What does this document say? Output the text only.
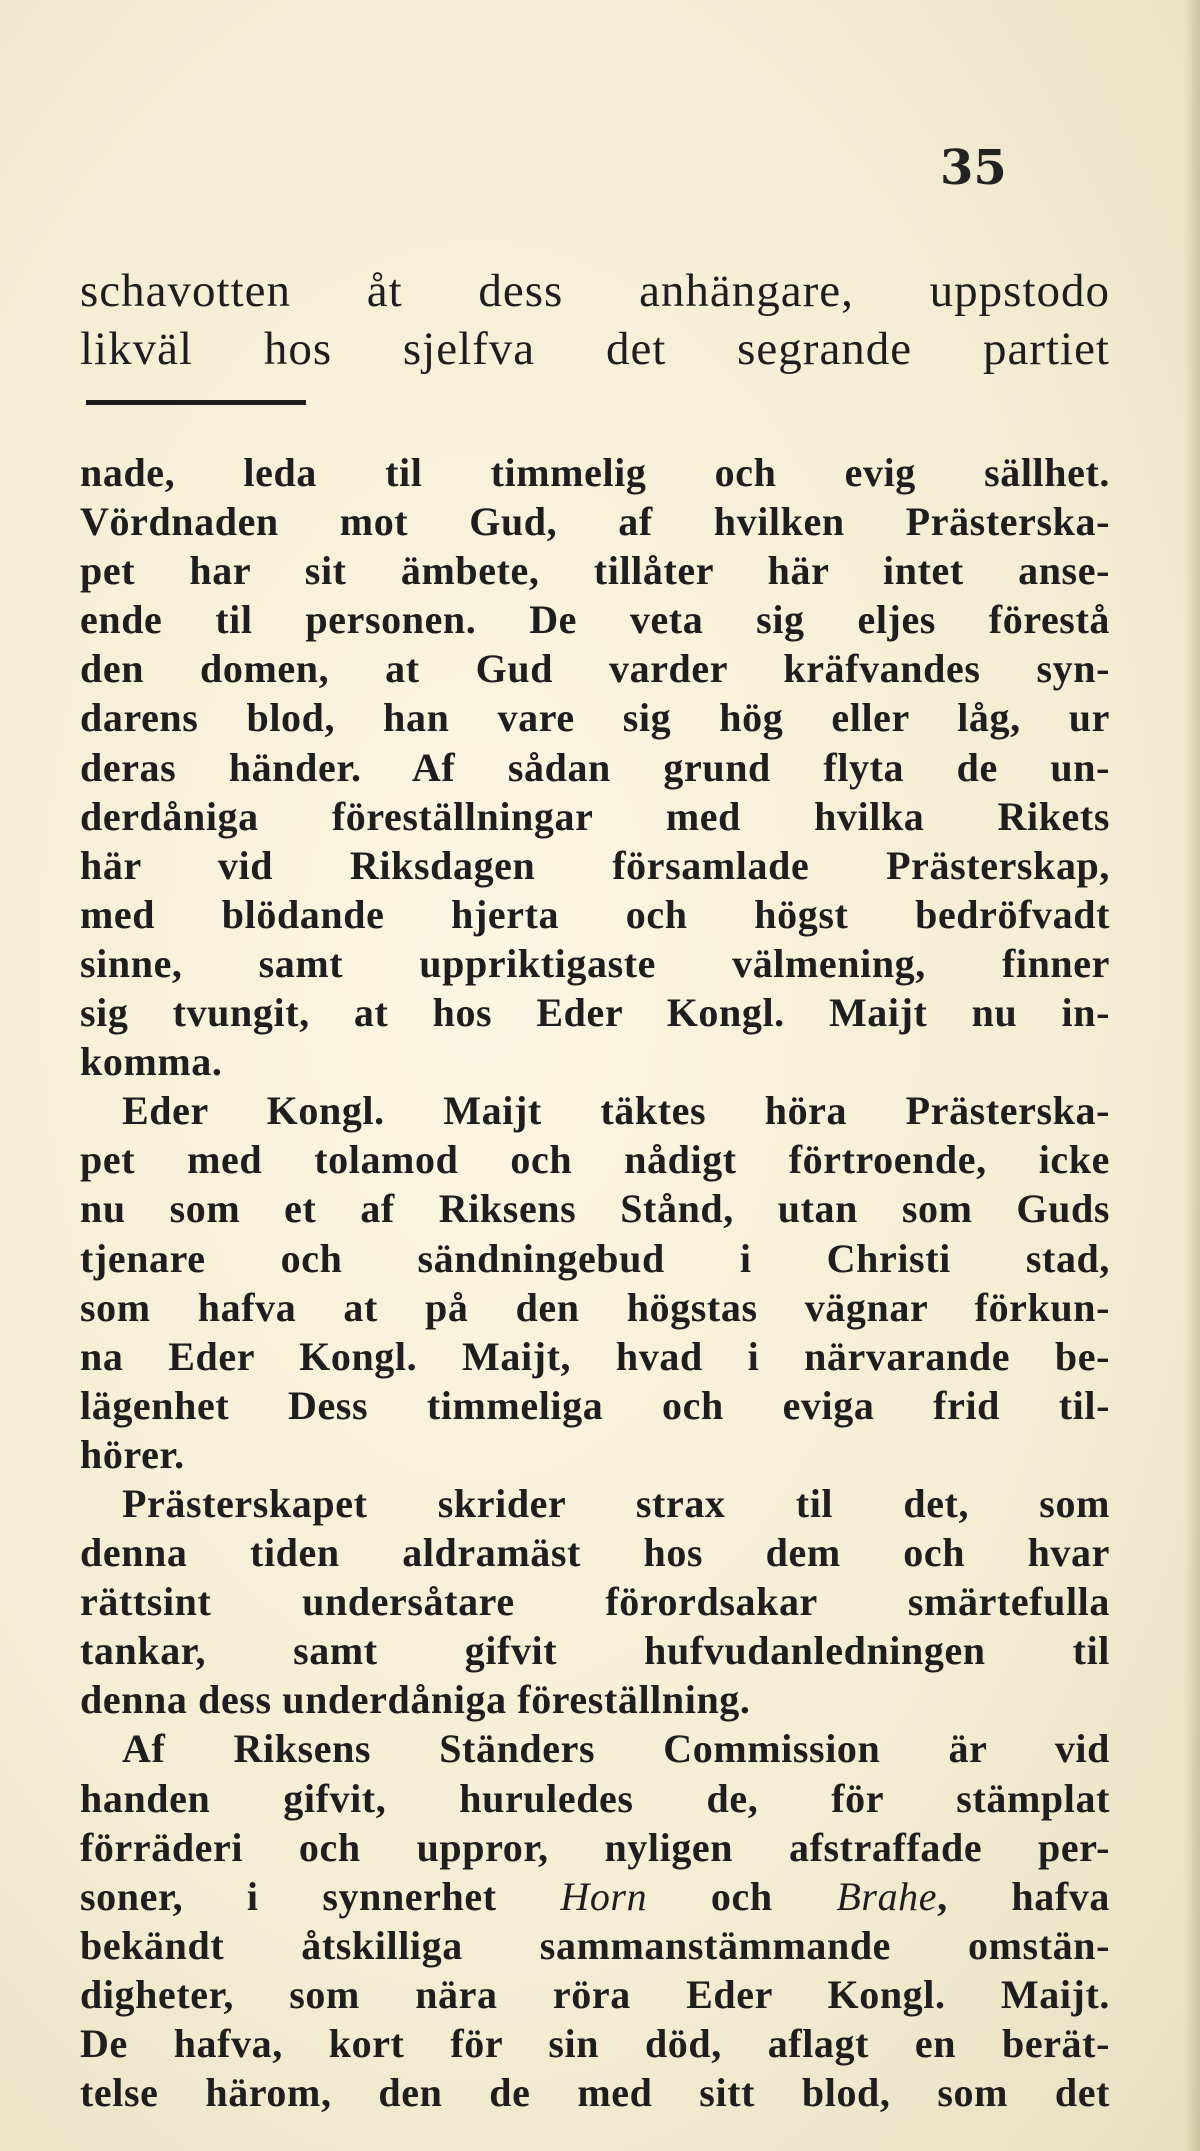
35
schavotten åt dess anhängare, uppstodo
likväl hos sjelfva det segrande partiet
nade, leda til timmelig och evig sällhet.
Vördnaden mot Gud, af hvilken Prästerska-
pet har sit ämbete, tillåter här intet anse-
ende til personen. De veta sig eljes förestå
den domen, at Gud varder kräfvandes syn-
darens blod, han vare sig hög eller låg, ur
deras händer. Af sådan grund flyta de un-
derdåniga föreställningar med hvilka Rikets
här vid Riksdagen församlade Prästerskap,
med blödande hjerta och högst bedröfvadt
sinne, samt uppriktigaste välmening, finner
sig tvungit, at hos Eder Kongl. Maijt nu in-
komma.
Eder Kongl. Maijt täktes höra Prästerska-
pet med tolamod och nådigt förtroende, icke
nu som et af Riksens Stånd, utan som Guds
tjenare och sändningebud i Christi stad,
som hafva at på den högstas vägnar förkun-
na Eder Kongl. Maijt, hvad i närvarande be-
lägenhet Dess timmeliga och eviga frid til-
hörer.
Prästerskapet skrider strax til det, som
denna tiden aldramäst hos dem och hvar
rättsint undersåtare förordsakar smärtefulla
tankar, samt gifvit hufvudanledningen til
denna dess underdåniga föreställning.
Af Riksens Ständers Commission är vid
handen gifvit, huruledes de, för stämplat
förräderi och uppror, nyligen afstraffade per-
soner, i synnerhet Horn och Brahe, hafva
bekändt åtskilliga sammanstämmande omstän-
digheter, som nära röra Eder Kongl. Maijt.
De hafva, kort för sin död, aflagt en berät-
telse härom, den de med sitt blod, som det
